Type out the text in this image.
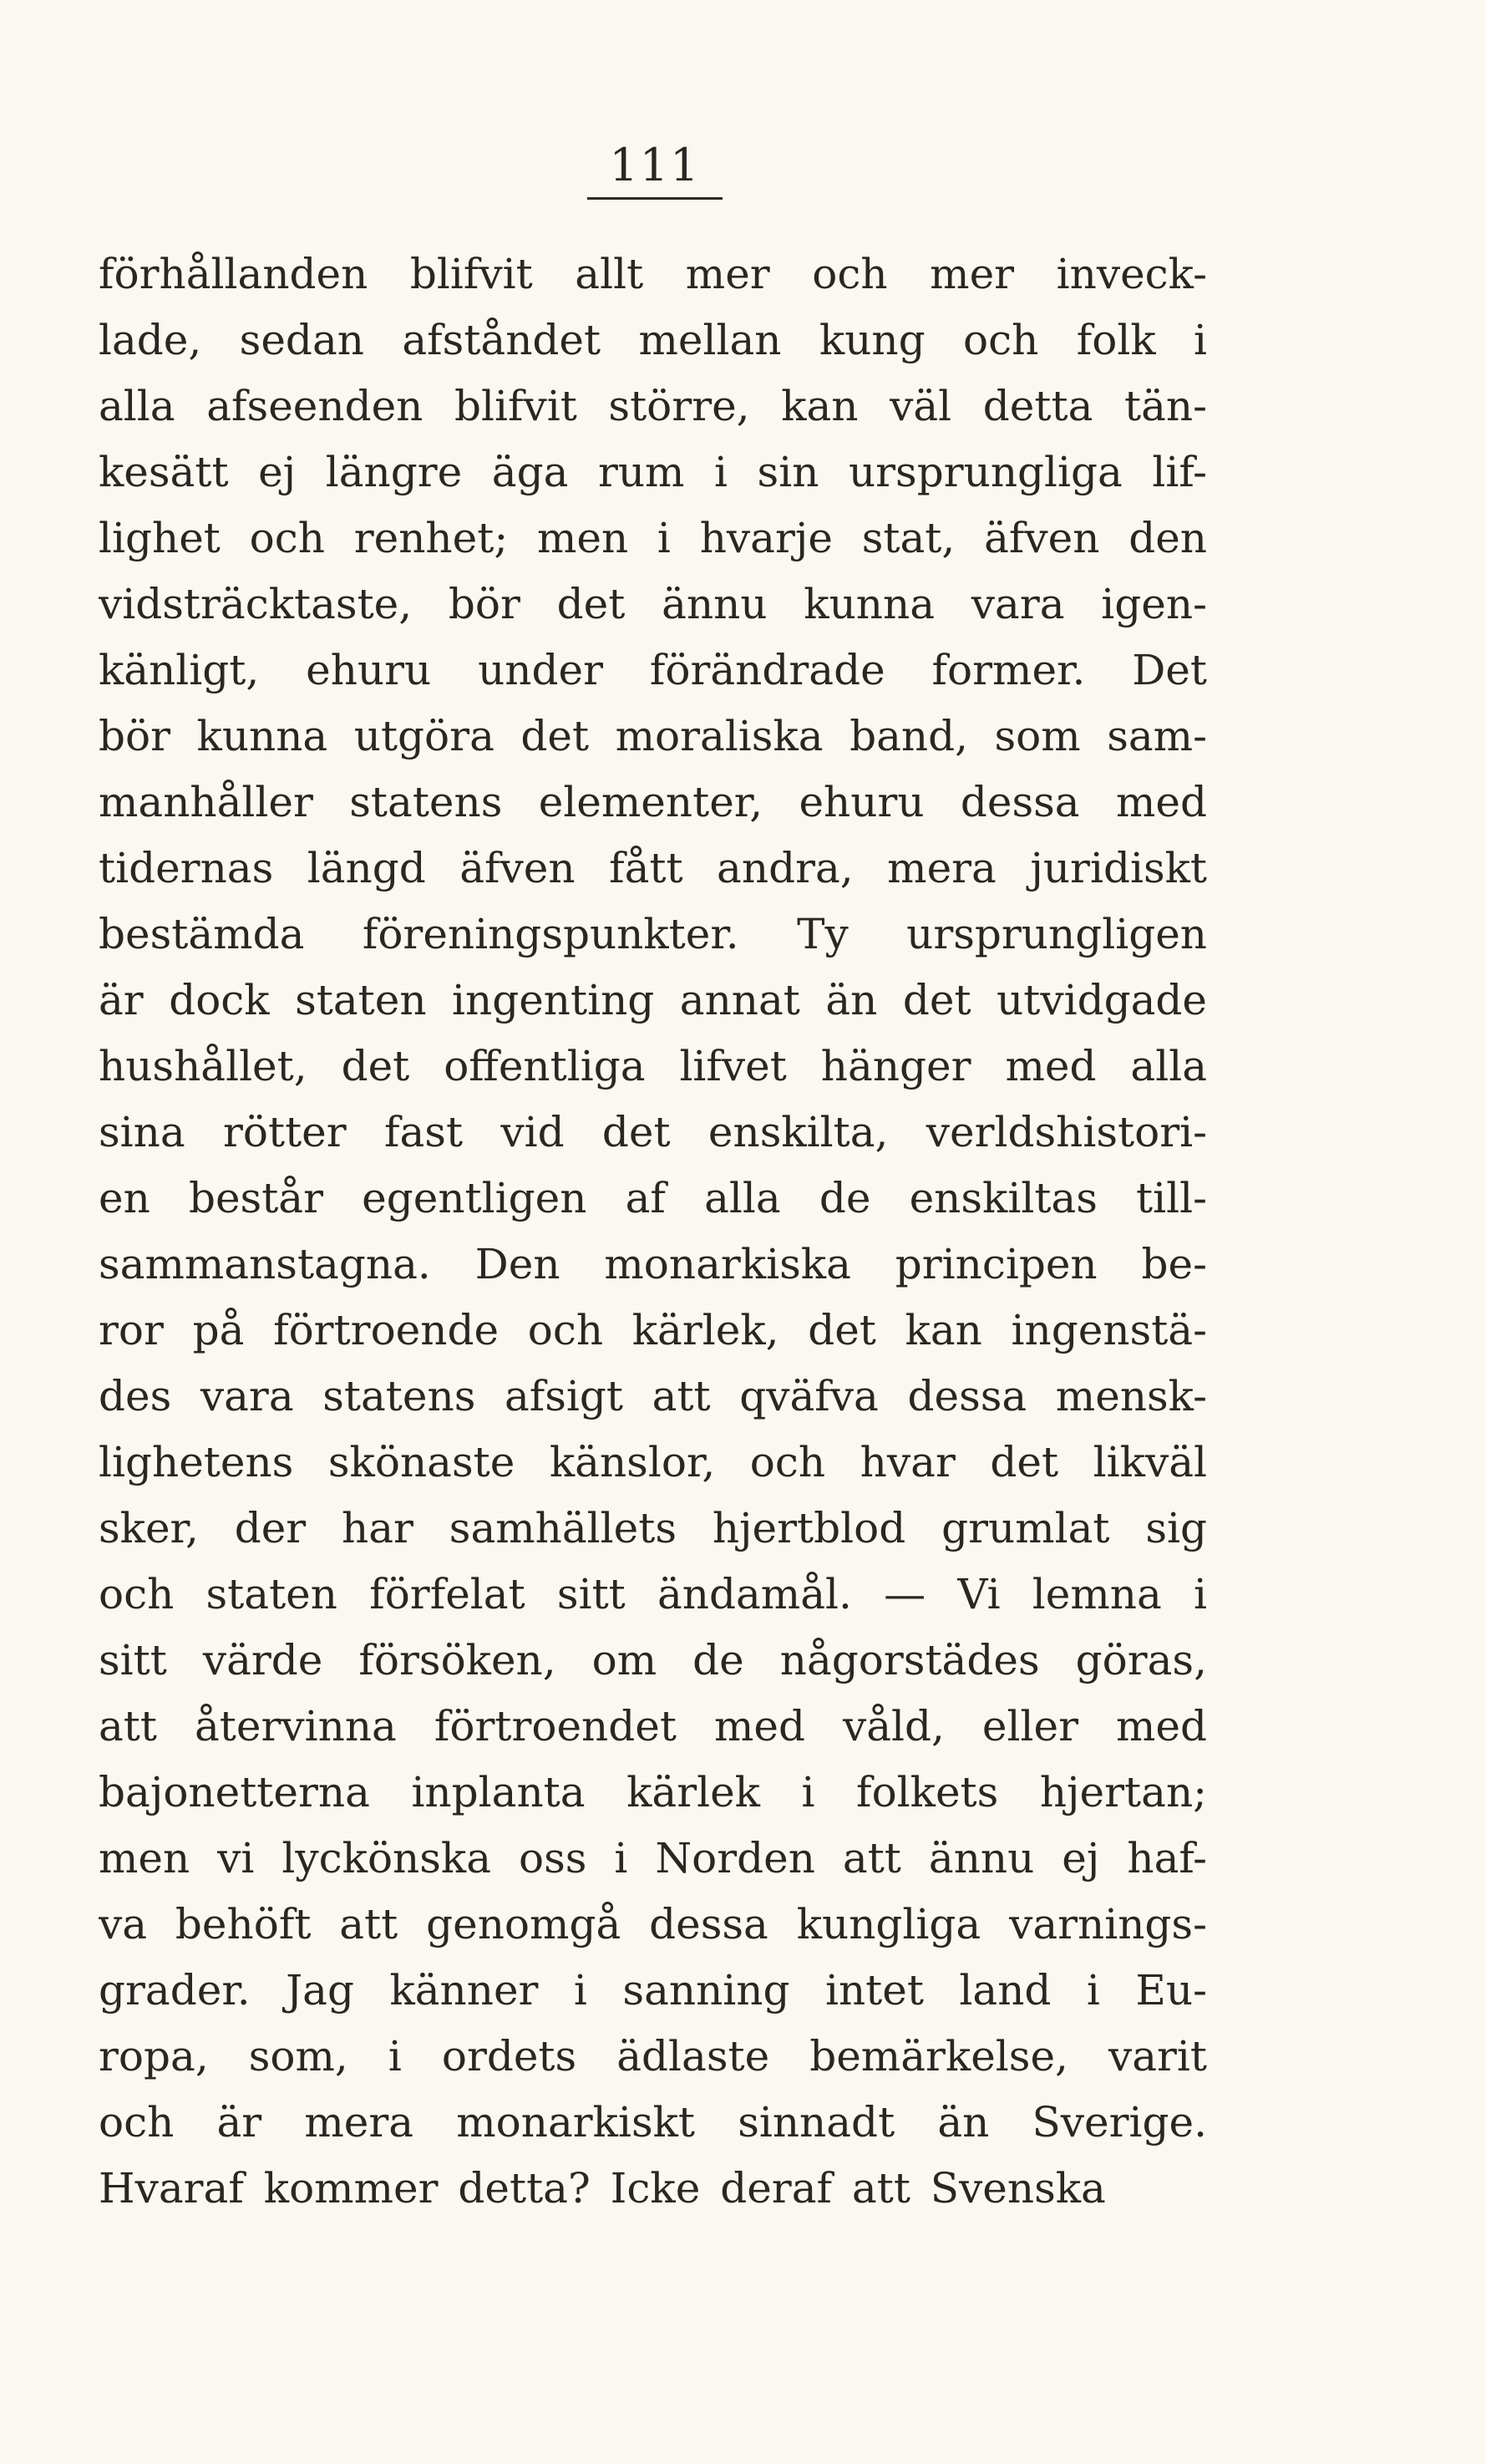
111
förhållanden blifvit allt mer och mer inveck-
lade, sedan afståndet mellan kung och folk i
alla afseenden blifvit större, kan väl detta tän-
kesätt ej längre äga rum i sin ursprungliga lif-
lighet och renhet; men i hvarje stat, äfven den
vidsträcktaste, bör det ännu kunna vara igen-
känligt, ehuru under förändrade former. Det
bör kunna utgöra det moraliska band, som sam-
manhåller statens elementer, ehuru dessa med
tidernas längd äfven fått andra, mera juridiskt
bestämda föreningspunkter. Ty ursprungligen
är dock staten ingenting annat än det utvidgade
hushållet, det offentliga lifvet hänger med alla
sina rötter fast vid det enskilta, verldshistori-
en består egentligen af alla de enskiltas till-
sammanstagna. Den monarkiska principen be-
ror på förtroende och kärlek, det kan ingenstä-
des vara statens afsigt att qväfva dessa mensk-
lighetens skönaste känslor, och hvar det likväl
sker, der har samhällets hjertblod grumlat sig
och staten förfelat sitt ändamål. — Vi lemna i
sitt värde försöken, om de någorstädes göras,
att återvinna förtroendet med våld, eller med
bajonetterna inplanta kärlek i folkets hjertan;
men vi lyckönska oss i Norden att ännu ej haf-
va behöft att genomgå dessa kungliga varnings-
grader. Jag känner i sanning intet land i Eu-
ropa, som, i ordets ädlaste bemärkelse, varit
och är mera monarkiskt sinnadt än Sverige.
Hvaraf kommer detta? Icke deraf att Svenska
